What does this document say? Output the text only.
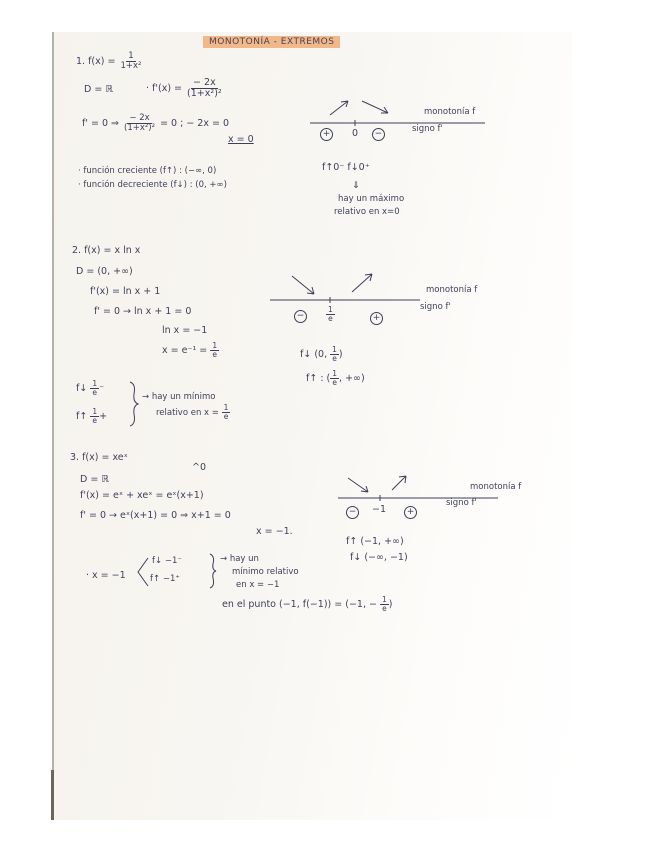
MONOTONÍA - EXTREMOS
1. $f(x) = \frac{1}{\text{1+x²}}$
D = ℝ	· $f'(x) = \frac{- 2x}{\text{(1+x²)²}}$
f' = 0 ⇒ $\frac{- 2x}{\text{(1+x²)²}} = 0$ ; − 2x = 0
x = 0
· función creciente (f↑) : (−∞, 0)
· función decreciente (f↓) : (0, +∞)
monotonía f
signo f'
+ 0	−
f↑0⁻ f↓0⁺
⇓
hay un máximo
relativo en x=0
2. f(x) = x ln x
D = (0, +∞)
f'(x) = ln x + 1
f' = 0 → ln x + 1 = 0
ln x = −1
$x = e^{-1} = \frac{1}{e}$
monotonía f
signo f'
−	$\frac{1}{e}$	+
f↓ (0, $\frac{1}{e}$ )
f↑ : ( $\frac{1}{e}$ , +∞)
f↓ $\frac{1}{e}$ ⁻
f↑ $\frac{1}{e}$ +
→ hay un mínimo
relativo en $x = \frac{1}{e}$
3. f(x) = xeˣ
^0
D = ℝ
f'(x) = eˣ + xeˣ = eˣ(x+1)
f' = 0 → eˣ(x+1) = 0 ⇒ x+1 = 0
x = −1.
monotonía f
signo f'
− −1	+
f↑ (−1, +∞)
f↓ (−∞, −1)
· x = −1
f↓ −1⁻
f↑ −1⁺
→ hay un
mínimo relativo
en x = −1
en el punto (−1, f(−1)) = (−1, − $\frac{1}{e}$ )
